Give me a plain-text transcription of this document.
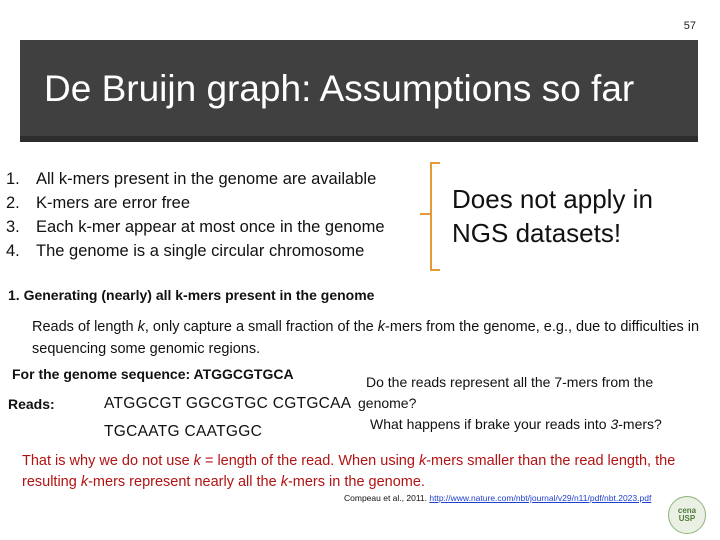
57
De Bruijn graph: Assumptions so far
1. All k-mers present in the genome are available
2. K-mers are error free
3. Each k-mer appear at most once in the genome
4. The genome is a single circular chromosome
Does not apply in
NGS datasets!
1. Generating (nearly) all k-mers present in the genome
Reads of length k, only capture a small fraction of the k-mers from the genome, e.g., due to difficulties in sequencing some genomic regions.
For the genome sequence: ATGGCGTGCA
Reads:	ATGGCGT GGCGTGC CGTGCAA
TGCAATG CAATGGC
Do the reads represent all the 7-mers from the
genome?
What happens if brake your reads into 3-mers?
That is why we do not use k = length of the read. When using k-mers smaller than the read length, the resulting k-mers represent nearly all the k-mers in the genome.
Compeau et al., 2011. http://www.nature.com/nbt/journal/v29/n11/pdf/nbt.2023.pdf
cena
USP
